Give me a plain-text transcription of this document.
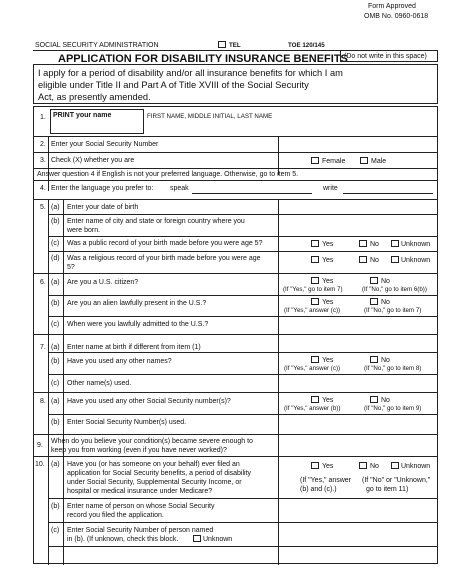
Form Approved
OMB No. 0960-0618
SOCIAL SECURITY ADMINISTRATION	TEL	TOE 120/145
APPLICATION FOR DISABILITY INSURANCE BENEFITS
(Do not write in this space)
I apply for a period of disability and/or all insurance benefits for which I am
eligible under Title II and Part A of Title XVIII of the Social Security
Act, as presently amended.
1. PRINT your name	FIRST NAME, MIDDLE INITIAL, LAST NAME
2. Enter your Social Security Number
3. Check (X) whether you are	Female	Male
Answer question 4 if English is not your preferred language. Otherwise, go to item 5.
4. Enter the language you prefer to: speak	write
5. (a) Enter your date of birth
(b) Enter name of city and state or foreign country where you
were born.
(c) Was a public record of your birth made before you were age 5?	Yes	No	Unknown
(d) Was a religious record of your birth made before you were age
5?
Yes	No	Unknown
6. (a) Are you a U.S. citizen?	Yes	No
(If "Yes," go to item 7)	(If "No," go to item 6(b))
(b) Are you an alien lawfully present in the U.S.?	Yes	No
(If "Yes," answer (c))	(If "No," go to item 7)
(c) When were you lawfully admitted to the U.S.?
7. (a) Enter name at birth if different from item (1)
(b) Have you used any other names?	Yes	No
(If "Yes," answer (c))	(If "No," go to item 8)
(c) Other name(s) used.
8. (a) Have you used any other Social Security number(s)?	Yes	No
(If "Yes," answer (b))	(If "No," go to item 9)
(b) Enter Social Security Number(s) used.
9.
When do you believe your condition(s) became severe enough to
keep you from working (even if you have never worked)?
10. (a) Have you (or has someone on your behalf) ever filed an
application for Social Security benefits, a period of disability
under Social Security, Supplemental Security Income, or
hospital or medical insurance under Medicare?
Yes	No	Unknown
(If "Yes," answer
(b) and (c).)
(If "No" or "Unknown,"
go to item 11)
(b) Enter name of person on whose Social Security
record you filed the application.
(c) Enter Social Security Number of person named
in (b). (If unknown, check this block.	Unknown
